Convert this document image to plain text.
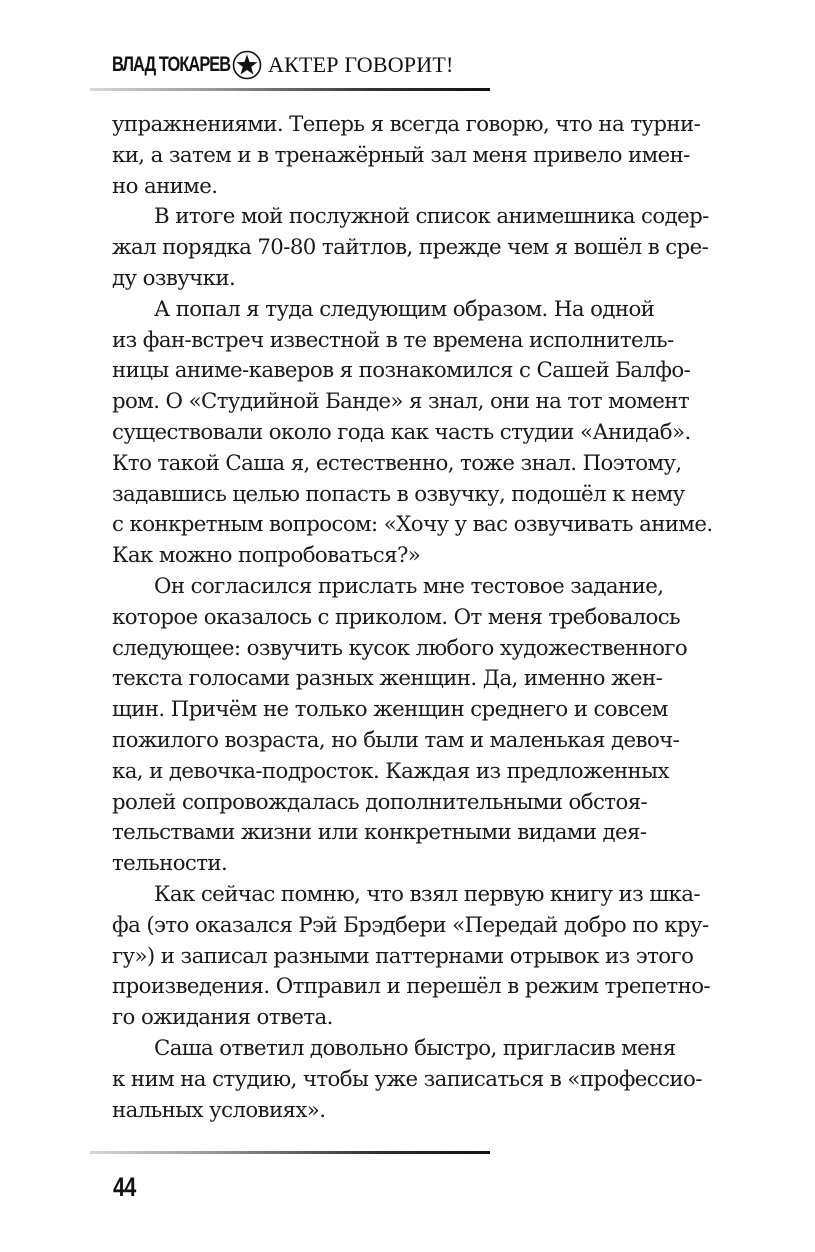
ВЛАД ТОКАРЕВ АКТЕР ГОВОРИТ!
упражнениями. Теперь я всегда говорю, что на турни-
ки, а затем и в тренажёрный зал меня привело имен-
но аниме.
В итоге мой послужной список анимешника содер-
жал порядка 70-80 тайтлов, прежде чем я вошёл в сре-
ду озвучки.
А попал я туда следующим образом. На одной
из фан-встреч известной в те времена исполнитель-
ницы аниме-каверов я познакомился с Сашей Балфо-
ром. О «Студийной Банде» я знал, они на тот момент
существовали около года как часть студии «Анидаб».
Кто такой Саша я, естественно, тоже знал. Поэтому,
задавшись целью попасть в озвучку, подошёл к нему
с конкретным вопросом: «Хочу у вас озвучивать аниме.
Как можно попробоваться?»
Он согласился прислать мне тестовое задание,
которое оказалось с приколом. От меня требовалось
следующее: озвучить кусок любого художественного
текста голосами разных женщин. Да, именно жен-
щин. Причём не только женщин среднего и совсем
пожилого возраста, но были там и маленькая девоч-
ка, и девочка-подросток. Каждая из предложенных
ролей сопровождалась дополнительными обстоя-
тельствами жизни или конкретными видами дея-
тельности.
Как сейчас помню, что взял первую книгу из шка-
фа (это оказался Рэй Брэдбери «Передай добро по кру-
гу») и записал разными паттернами отрывок из этого
произведения. Отправил и перешёл в режим трепетно-
го ожидания ответа.
Саша ответил довольно быстро, пригласив меня
к ним на студию, чтобы уже записаться в «профессио-
нальных условиях».
44
